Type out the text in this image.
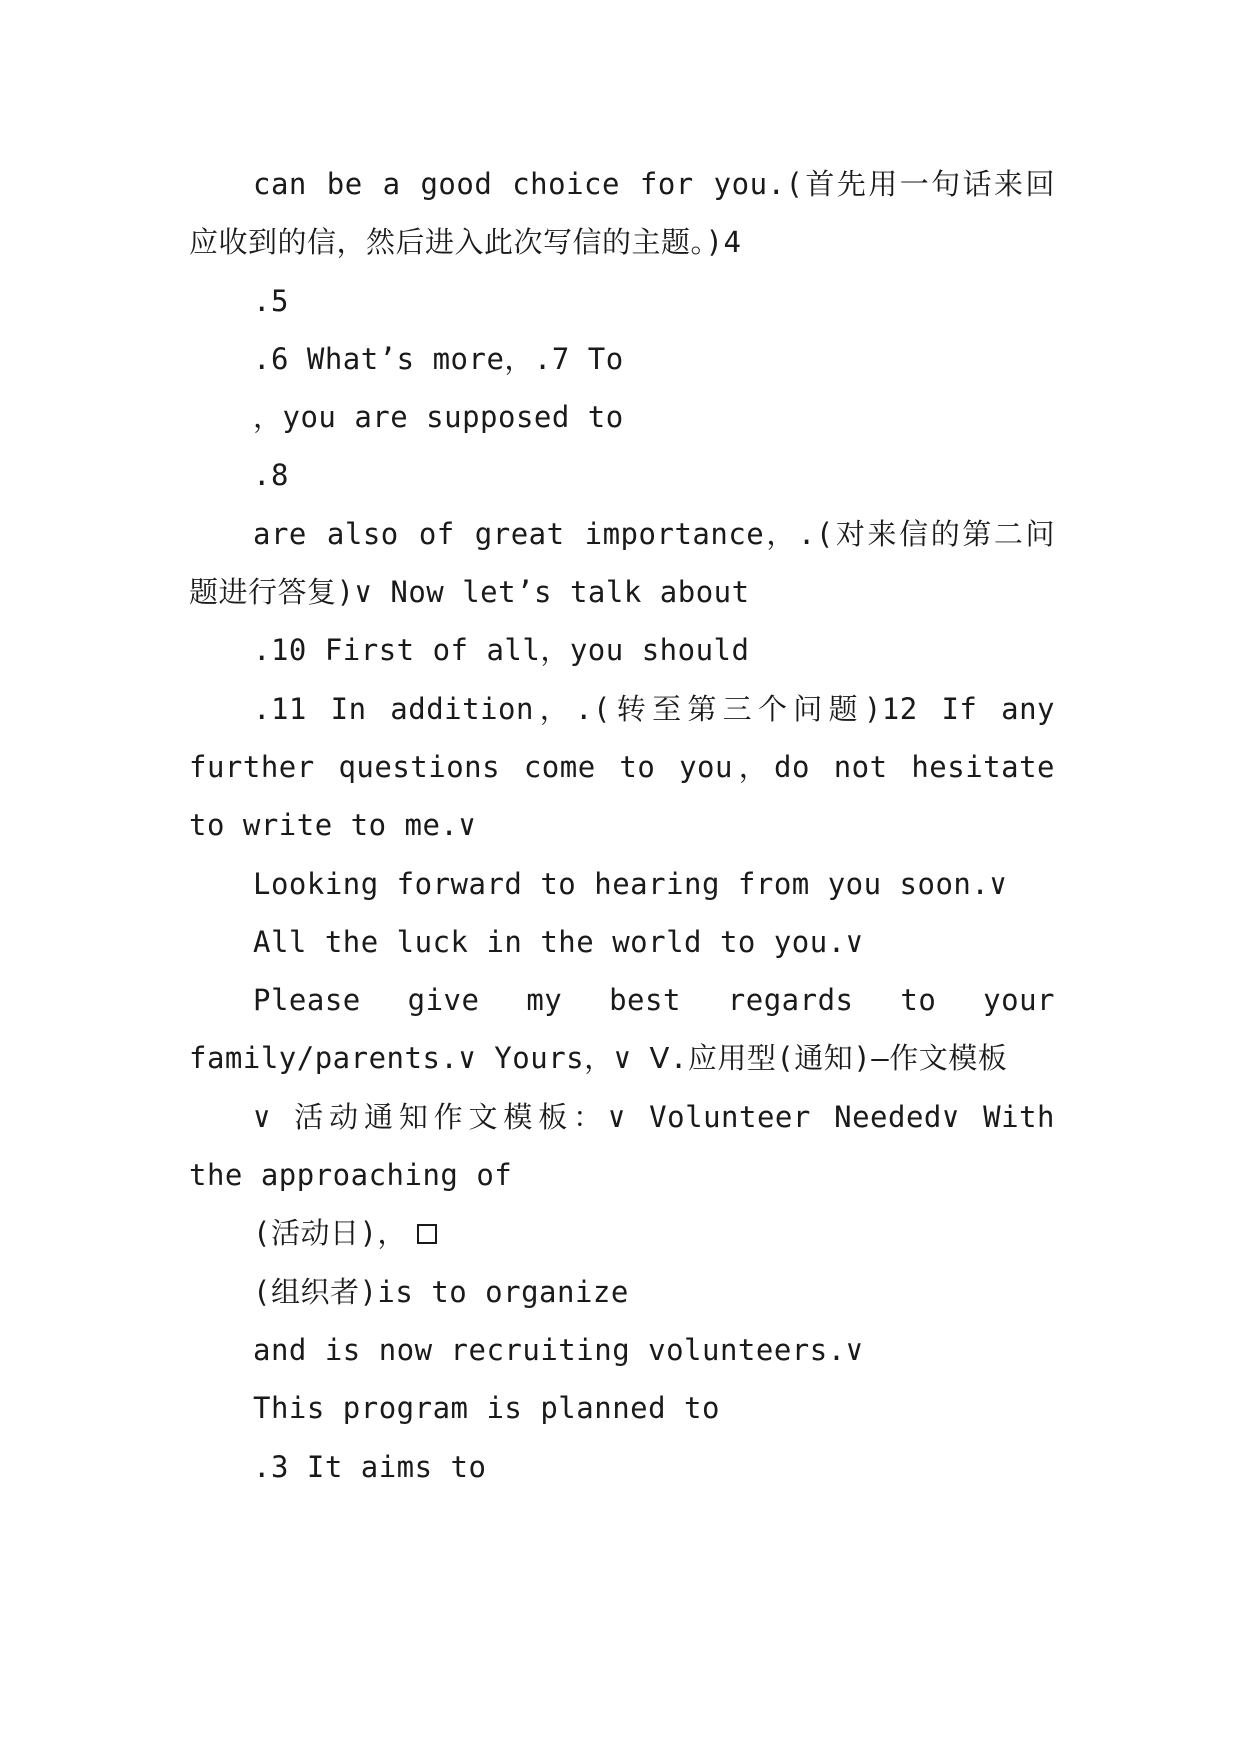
can be a good choice for you.(首先用一句话来回应收到的信，然后进入此次写信的主题。)4

.5

.6 What’s more，.7 To

，you are supposed to

.8

are also of great importance，.(对来信的第二问题进行答复)∨ Now let’s talk about

.10 First of all，you should

.11 In addition，.(转至第三个问题)12 If any further questions come to you，do not hesitate to write to me.∨

Looking forward to hearing from you soon.∨

All the luck in the world to you.∨

Please give my best regards to your family/parents.∨ Yours，∨ Ⅴ.应用型(通知)—作文模板

∨ 活动通知作文模板：∨ Volunteer Needed∨ With the approaching of

(活动日)，

(组织者)is to organize

and is now recruiting volunteers.∨

This program is planned to

.3 It aims to
